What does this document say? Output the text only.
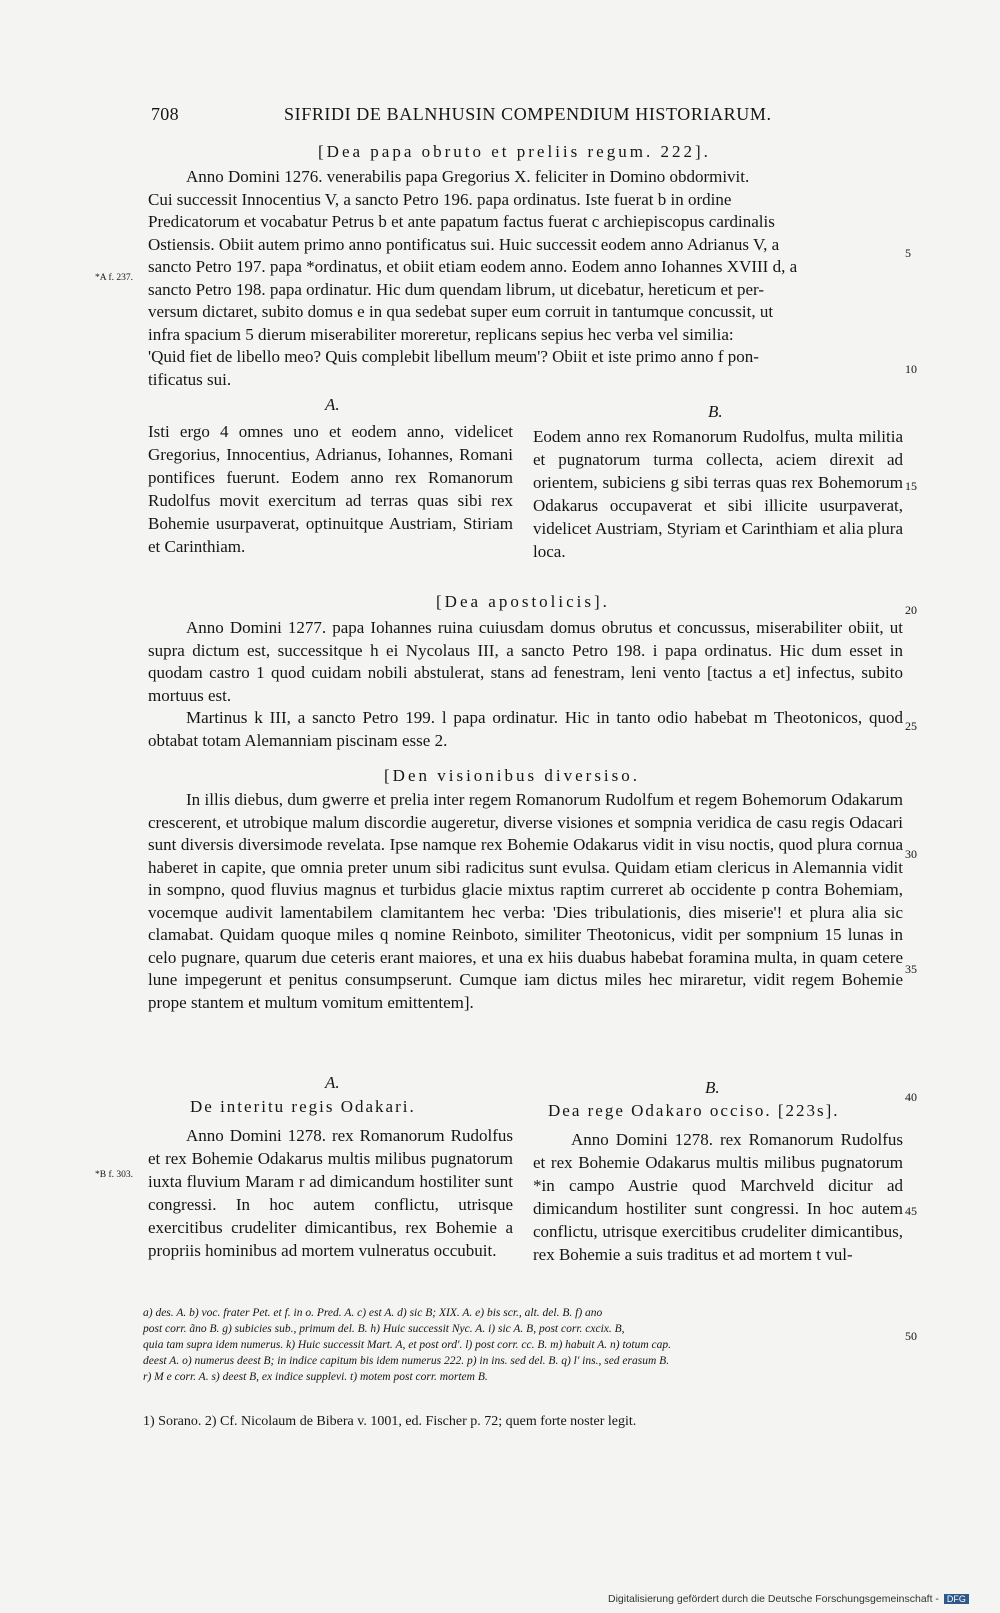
708	SIFRIDI DE BALNHUSIN COMPENDIUM HISTORIARUM.
[Dea papa obruto et preliis regum. 222].

Anno Domini 1276. venerabilis papa Gregorius X. feliciter in Domino obdormivit.

Cui successit Innocentius V, a sancto Petro 196. papa ordinatus. Iste fuerat b in ordine

Predicatorum et vocabatur Petrus b et ante papatum factus fuerat c archiepiscopus cardinalis

Ostiensis. Obiit autem primo anno pontificatus sui. Huic successit eodem anno Adrianus V, a

sancto Petro 197. papa *ordinatus, et obiit etiam eodem anno. Eodem anno Iohannes XVIII d, a

sancto Petro 198. papa ordinatur. Hic dum quendam librum, ut dicebatur, hereticum et per-

versum dictaret, subito domus e in qua sedebat super eum corruit in tantumque concussit, ut

infra spacium 5 dierum miserabiliter moreretur, replicans sepius hec verba vel similia:

'Quid fiet de libello meo? Quis complebit libellum meum'? Obiit et iste primo anno f pon-

tificatus sui.

A.	B.
Isti ergo 4 omnes uno et eodem anno, videlicet Gregorius, Innocentius, Adrianus, Iohannes, Romani pontifices fuerunt. Eodem anno rex Romanorum Rudolfus movit exercitum ad terras quas sibi rex Bohemie usurpaverat, optinuitque Austriam, Stiriam et Carinthiam.
Eodem anno rex Romanorum Rudolfus, multa militia et pugnatorum turma collecta, aciem direxit ad orientem, subiciens g sibi terras quas rex Bohemorum Odakarus occupaverat et sibi illicite usurpaverat, videlicet Austriam, Styriam et Carinthiam et alia plura loca.
[Dea apostolicis].

Anno Domini 1277. papa Iohannes ruina cuiusdam domus obrutus et concussus, miserabiliter obiit, ut supra dictum est, successitque h ei Nycolaus III, a sancto Petro 198. i papa ordinatus. Hic dum esset in quodam castro 1 quod cuidam nobili abstulerat, stans ad fenestram, leni vento [tactus a et] infectus, subito mortuus est.

Martinus k III, a sancto Petro 199. l papa ordinatur. Hic in tanto odio habebat m Theotonicos, quod obtabat totam Alemanniam piscinam esse 2.

[Den visionibus diversiso.

In illis diebus, dum gwerre et prelia inter regem Romanorum Rudolfum et regem Bohemorum Odakarum crescerent, et utrobique malum discordie augeretur, diverse visiones et sompnia veridica de casu regis Odacari sunt diversis diversimode revelata. Ipse namque rex Bohemie Odakarus vidit in visu noctis, quod plura cornua haberet in capite, que omnia preter unum sibi radicitus sunt evulsa. Quidam etiam clericus in Alemannia vidit in sompno, quod fluvius magnus et turbidus glacie mixtus raptim curreret ab occidente p contra Bohemiam, vocemque audivit lamentabilem clamitantem hec verba: 'Dies tribulationis, dies miserie'! et plura alia sic clamabat. Quidam quoque miles q nomine Reinboto, similiter Theotonicus, vidit per sompnium 15 lunas in celo pugnare, quarum due ceteris erant maiores, et una ex hiis duabus habebat foramina multa, in quam cetere lune impegerunt et penitus consumpserunt. Cumque iam dictus miles hec miraretur, vidit regem Bohemie prope stantem et multum vomitum emittentem].

A.	B.
De interitu regis Odakari.	Dea rege Odakaro occiso. [223s].
Anno Domini 1278. rex Romanorum Rudolfus et rex Bohemie Odakarus multis milibus pugnatorum iuxta fluvium Maram r ad dimicandum hostiliter sunt congressi. In hoc autem conflictu, utrisque exercitibus crudeliter dimicantibus, rex Bohemie a propriis hominibus ad mortem vulneratus occubuit.
Anno Domini 1278. rex Romanorum Rudolfus et rex Bohemie Odakarus multis milibus pugnatorum *in campo Austrie quod Marchveld dicitur ad dimicandum hostiliter sunt congressi. In hoc autem conflictu, utrisque exercitibus crudeliter dimicantibus, rex Bohemie a suis traditus et ad mortem t vul-
5
10
15
20
25
30
35
40
45
50
*A f. 237.
*B f. 303.

a) des. A. b) voc. frater Pet. et f. in o. Pred. A. c) est A. d) sic B; XIX. A. e) bis scr., alt. del. B. f) ano

post corr. ãno B. g) subicies sub., primum del. B. h) Huic successit Nyc. A. i) sic A. B, post corr. cxcix. B,

quia tam supra idem numerus. k) Huic successit Mart. A, et post ord'. l) post corr. cc. B. m) habuit A. n) totum cap.

deest A. o) numerus deest B; in indice capitum bis idem numerus 222. p) in ins. sed del. B. q) l' ins., sed erasum B.

r) M e corr. A. s) deest B, ex indice supplevi. t) motem post corr. mortem B.

1) Sorano. 2) Cf. Nicolaum de Bibera v. 1001, ed. Fischer p. 72; quem forte noster legit.
Digitalisierung gefördert durch die Deutsche Forschungsgemeinschaft - DFG
